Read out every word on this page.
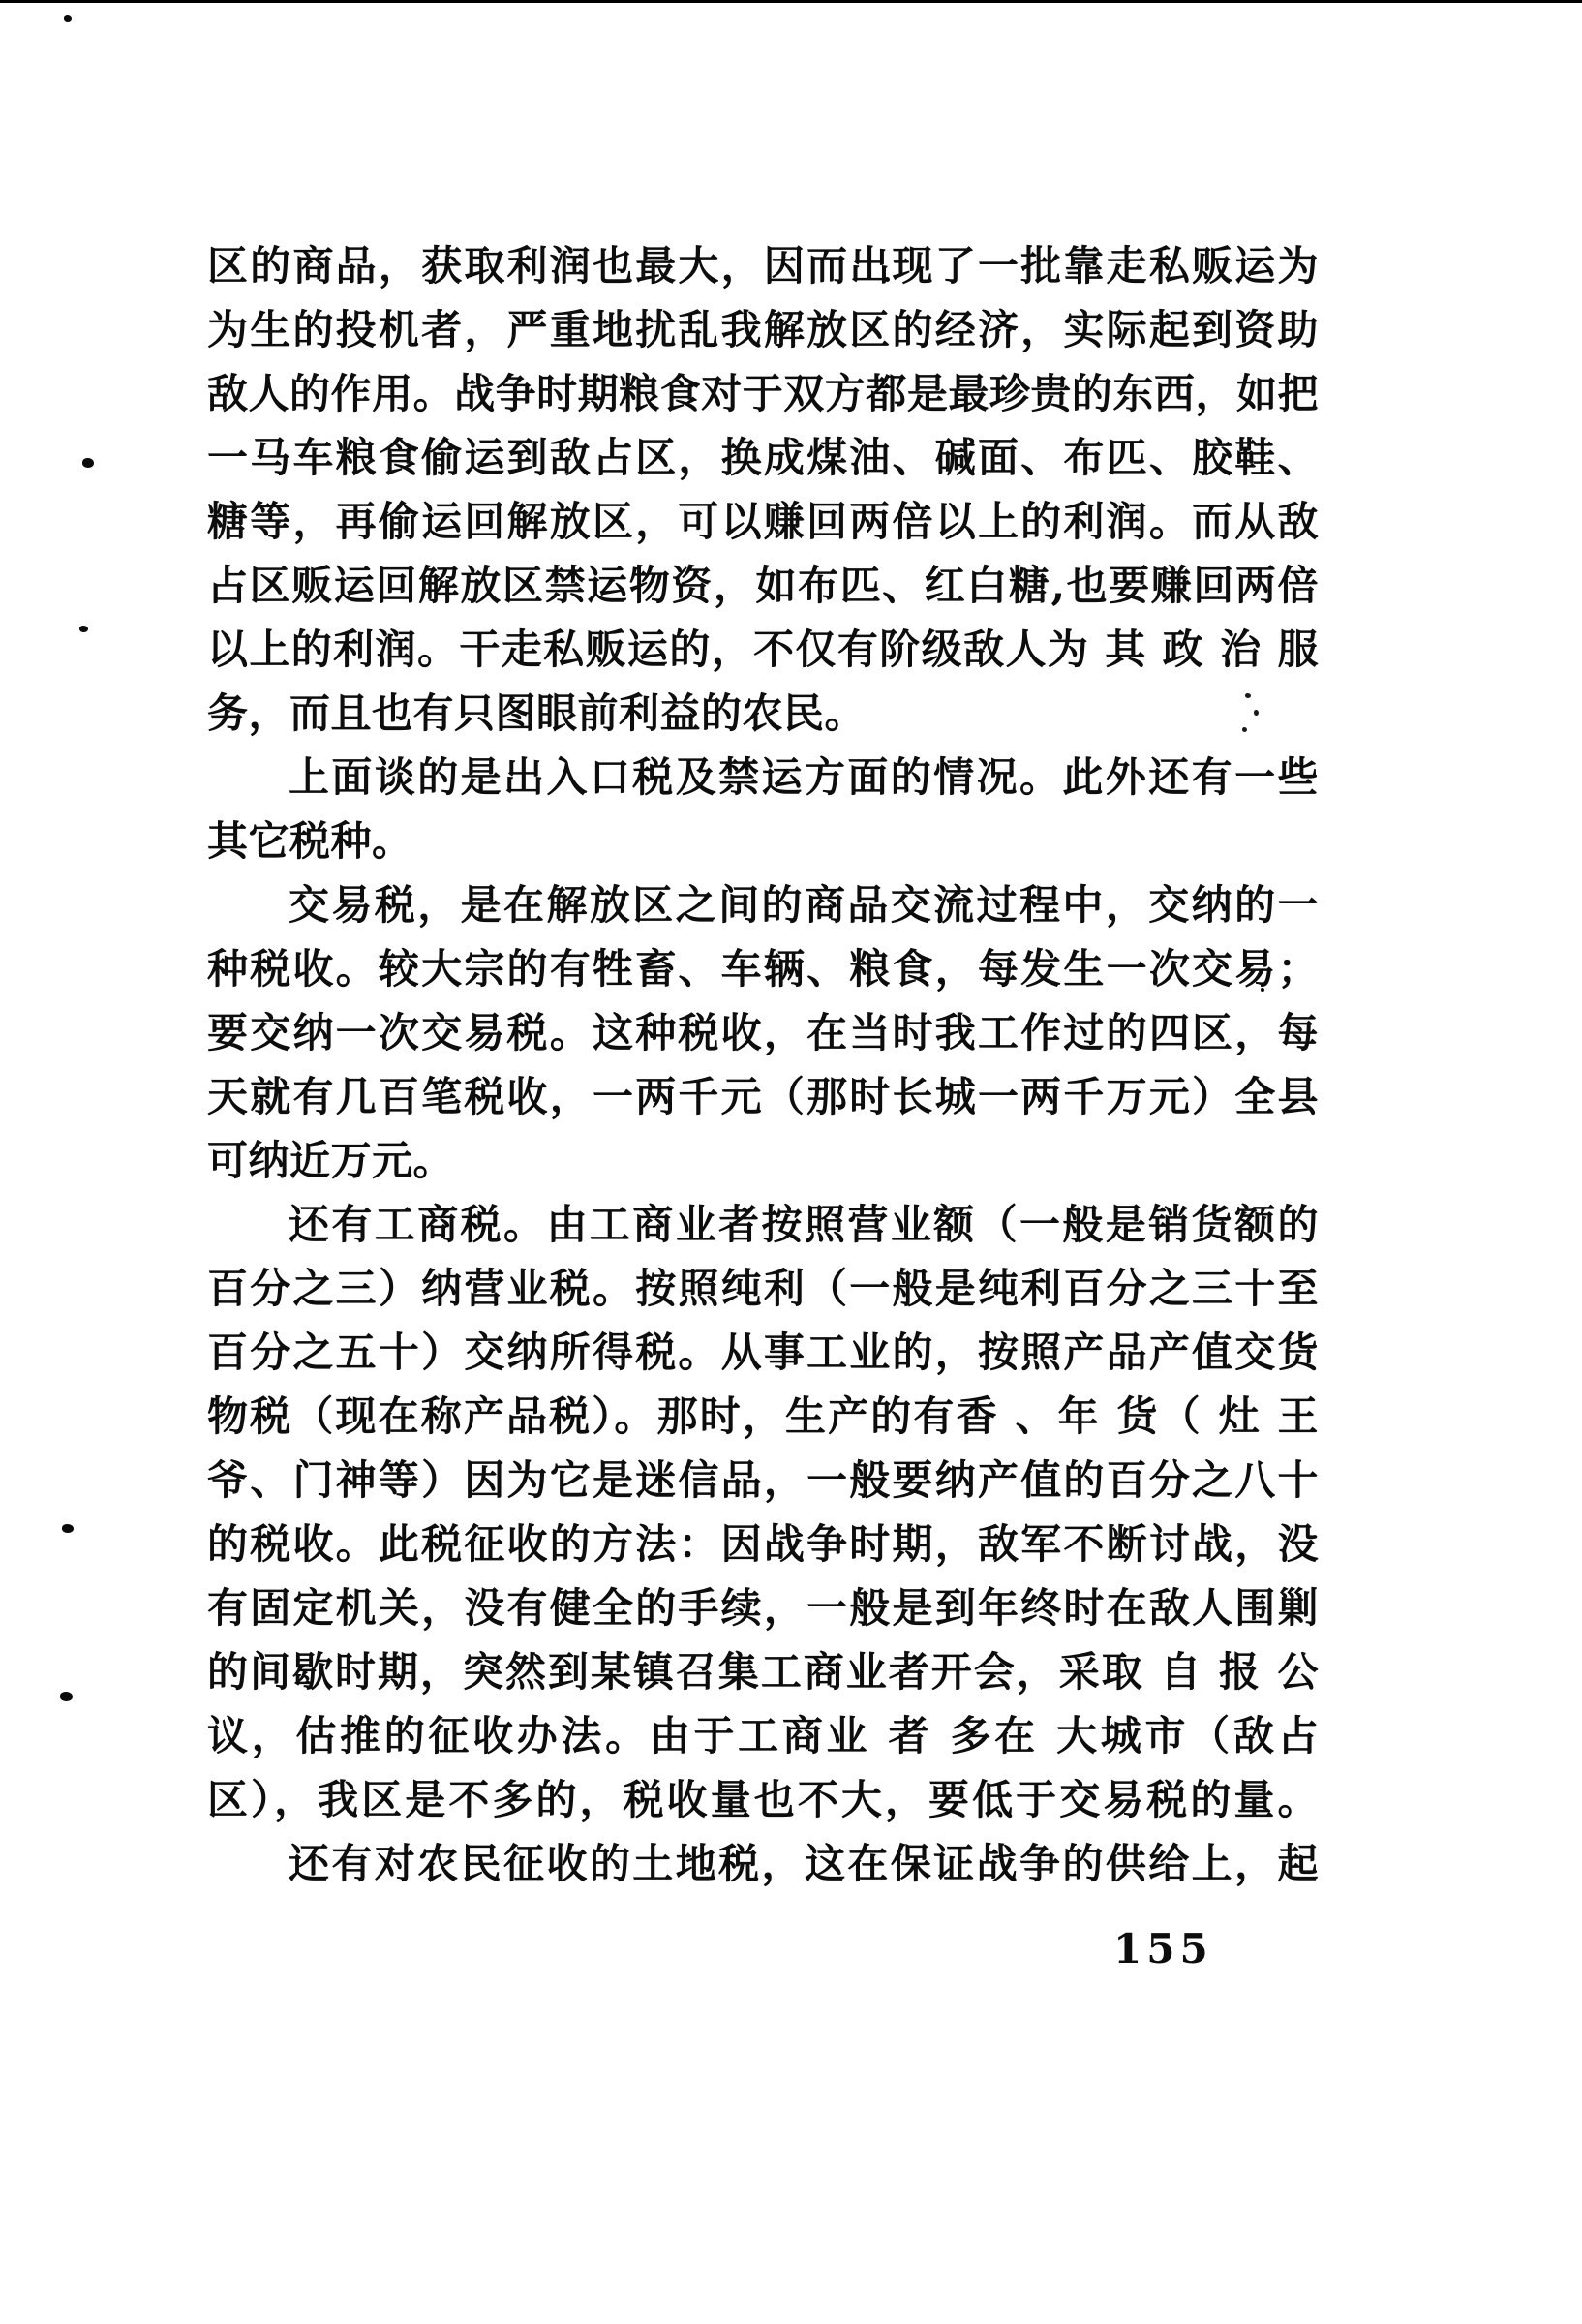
区的商品，获取利润也最大，因而出现了一批靠走私贩运为
为生的投机者，严重地扰乱我解放区的经济，实际起到资助
敌人的作用。战争时期粮食对于双方都是最珍贵的东西，如把
一马车粮食偷运到敌占区，换成煤油、碱面、布匹、胶鞋、
糖等，再偷运回解放区，可以赚回两倍以上的利润。而从敌
占区贩运回解放区禁运物资，如布匹、红白糖,也要赚回两倍
以上的利润。干走私贩运的，不仅有阶级敌人为 其 政 治 服
务，而且也有只图眼前利益的农民。
上面谈的是出入口税及禁运方面的情况。此外还有一些
其它税种。
交易税，是在解放区之间的商品交流过程中，交纳的一
种税收。较大宗的有牲畜、车辆、粮食，每发生一次交易；
要交纳一次交易税。这种税收，在当时我工作过的四区，每
天就有几百笔税收，一两千元（那时长城一两千万元）全县
可纳近万元。
还有工商税。由工商业者按照营业额（一般是销货额的
百分之三）纳营业税。按照纯利（一般是纯利百分之三十至
百分之五十）交纳所得税。从事工业的，按照产品产值交货
物税（现在称产品税）。那时，生产的有香 、年 货（ 灶 王
爷、门神等）因为它是迷信品，一般要纳产值的百分之八十
的税收。此税征收的方法：因战争时期，敌军不断讨战，没
有固定机关，没有健全的手续，一般是到年终时在敌人围剿
的间歇时期，突然到某镇召集工商业者开会，采取 自 报 公
议，估推的征收办法。由于工商业 者 多在 大城市（敌占
区），我区是不多的，税收量也不大，要低于交易税的量。
还有对农民征收的土地税，这在保证战争的供给上，起
155
